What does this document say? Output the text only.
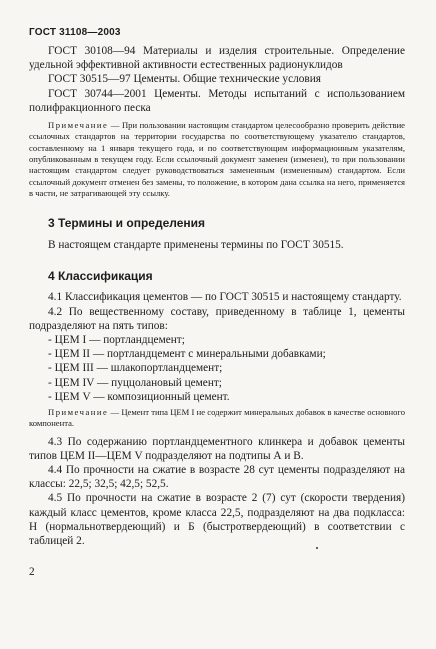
ГОСТ 31108—2003

ГОСТ 30108—94 Материалы и изделия строительные. Определение удельной эффективной активности естественных радионуклидов

ГОСТ 30515—97 Цементы. Общие технические условия

ГОСТ 30744—2001 Цементы. Методы испытаний с использованием полифракционного песка

Примечание — При пользовании настоящим стандартом целесообразно проверить действие ссылочных стандартов на территории государства по соответствующему указателю стандартов, составленному на 1 января текущего года, и по соответствующим информационным указателям, опубликованным в текущем году. Если ссылочный документ заменен (изменен), то при пользовании настоящим стандартом следует руководствоваться замененным (измененным) стандартом. Если ссылочный документ отменен без замены, то положение, в котором дана ссылка на него, применяется в части, не затрагивающей эту ссылку.

3 Термины и определения

В настоящем стандарте применены термины по ГОСТ 30515.

4 Классификация

4.1 Классификация цементов — по ГОСТ 30515 и настоящему стандарту.

4.2 По вещественному составу, приведенному в таблице 1, цементы подразделяют на пять типов:

- ЦЕМ I — портландцемент;

- ЦЕМ II — портландцемент с минеральными добавками;

- ЦЕМ III — шлакопортландцемент;

- ЦЕМ IV — пуццолановый цемент;

- ЦЕМ V — композиционный цемент.

Примечание — Цемент типа ЦЕМ I не содержит минеральных добавок в качестве основного компонента.

4.3 По содержанию портландцементного клинкера и добавок цементы типов ЦЕМ II—ЦЕМ V подразделяют на подтипы А и В.

4.4 По прочности на сжатие в возрасте 28 сут цементы подразделяют на классы: 22,5; 32,5; 42,5; 52,5.

4.5 По прочности на сжатие в возрасте 2 (7) сут (скорости твердения) каждый класс цементов, кроме класса 22,5, подразделяют на два подкласса: Н (нормальнотвердеющий) и Б (быстротвердеющий) в соответствии с таблицей 2.

2
